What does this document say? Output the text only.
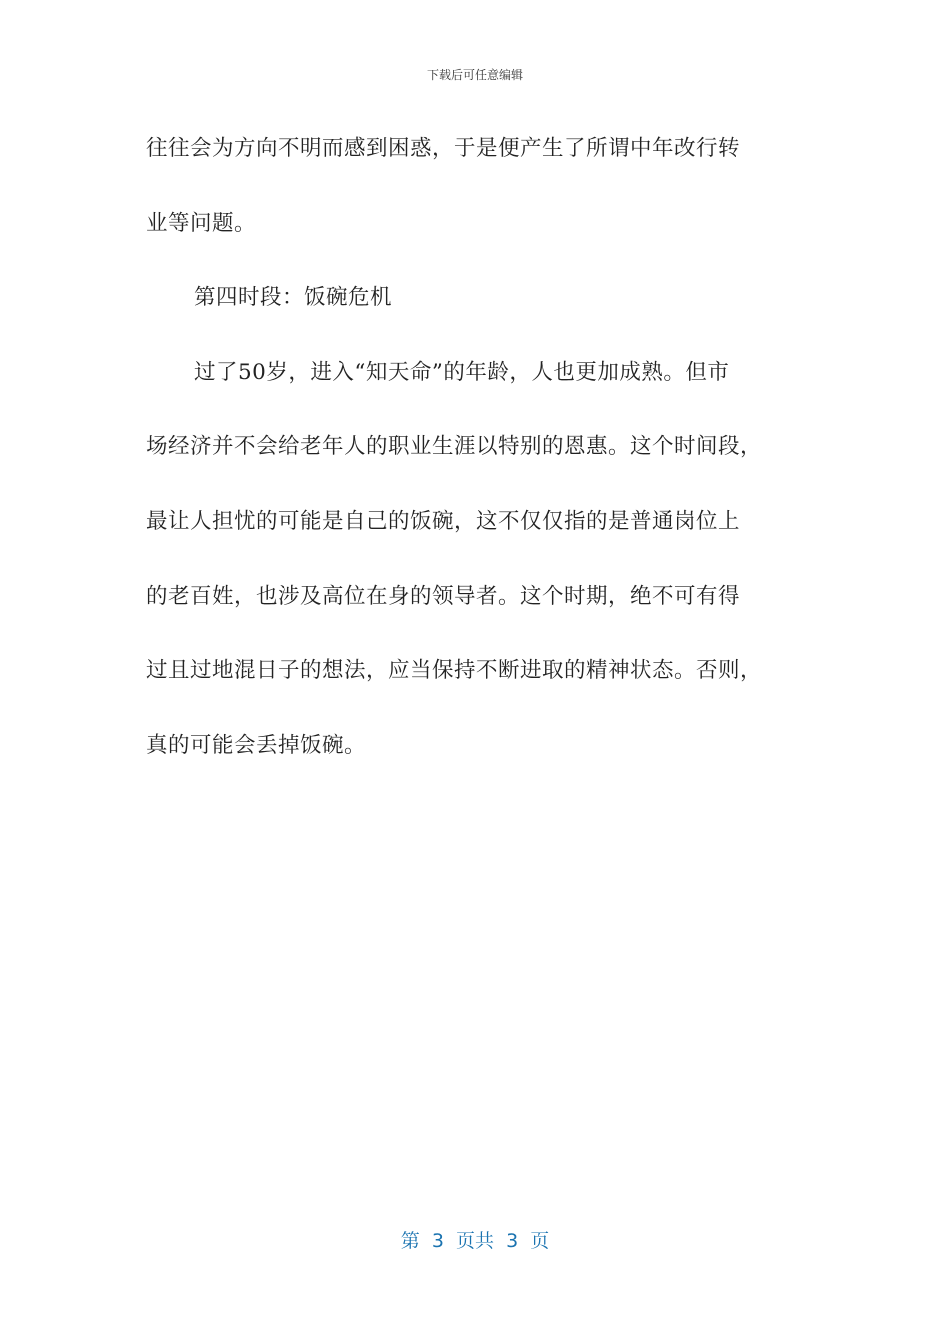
下载后可任意编辑
往往会为方向不明而感到困惑，于是便产生了所谓中年改行转
业等问题。
第四时段：饭碗危机
过了50岁，进入“知天命”的年龄，人也更加成熟。但市
场经济并不会给老年人的职业生涯以特别的恩惠。这个时间段，
最让人担忧的可能是自己的饭碗，这不仅仅指的是普通岗位上
的老百姓，也涉及高位在身的领导者。这个时期，绝不可有得
过且过地混日子的想法，应当保持不断进取的精神状态。否则，
真的可能会丢掉饭碗。
第  3  页共  3  页
